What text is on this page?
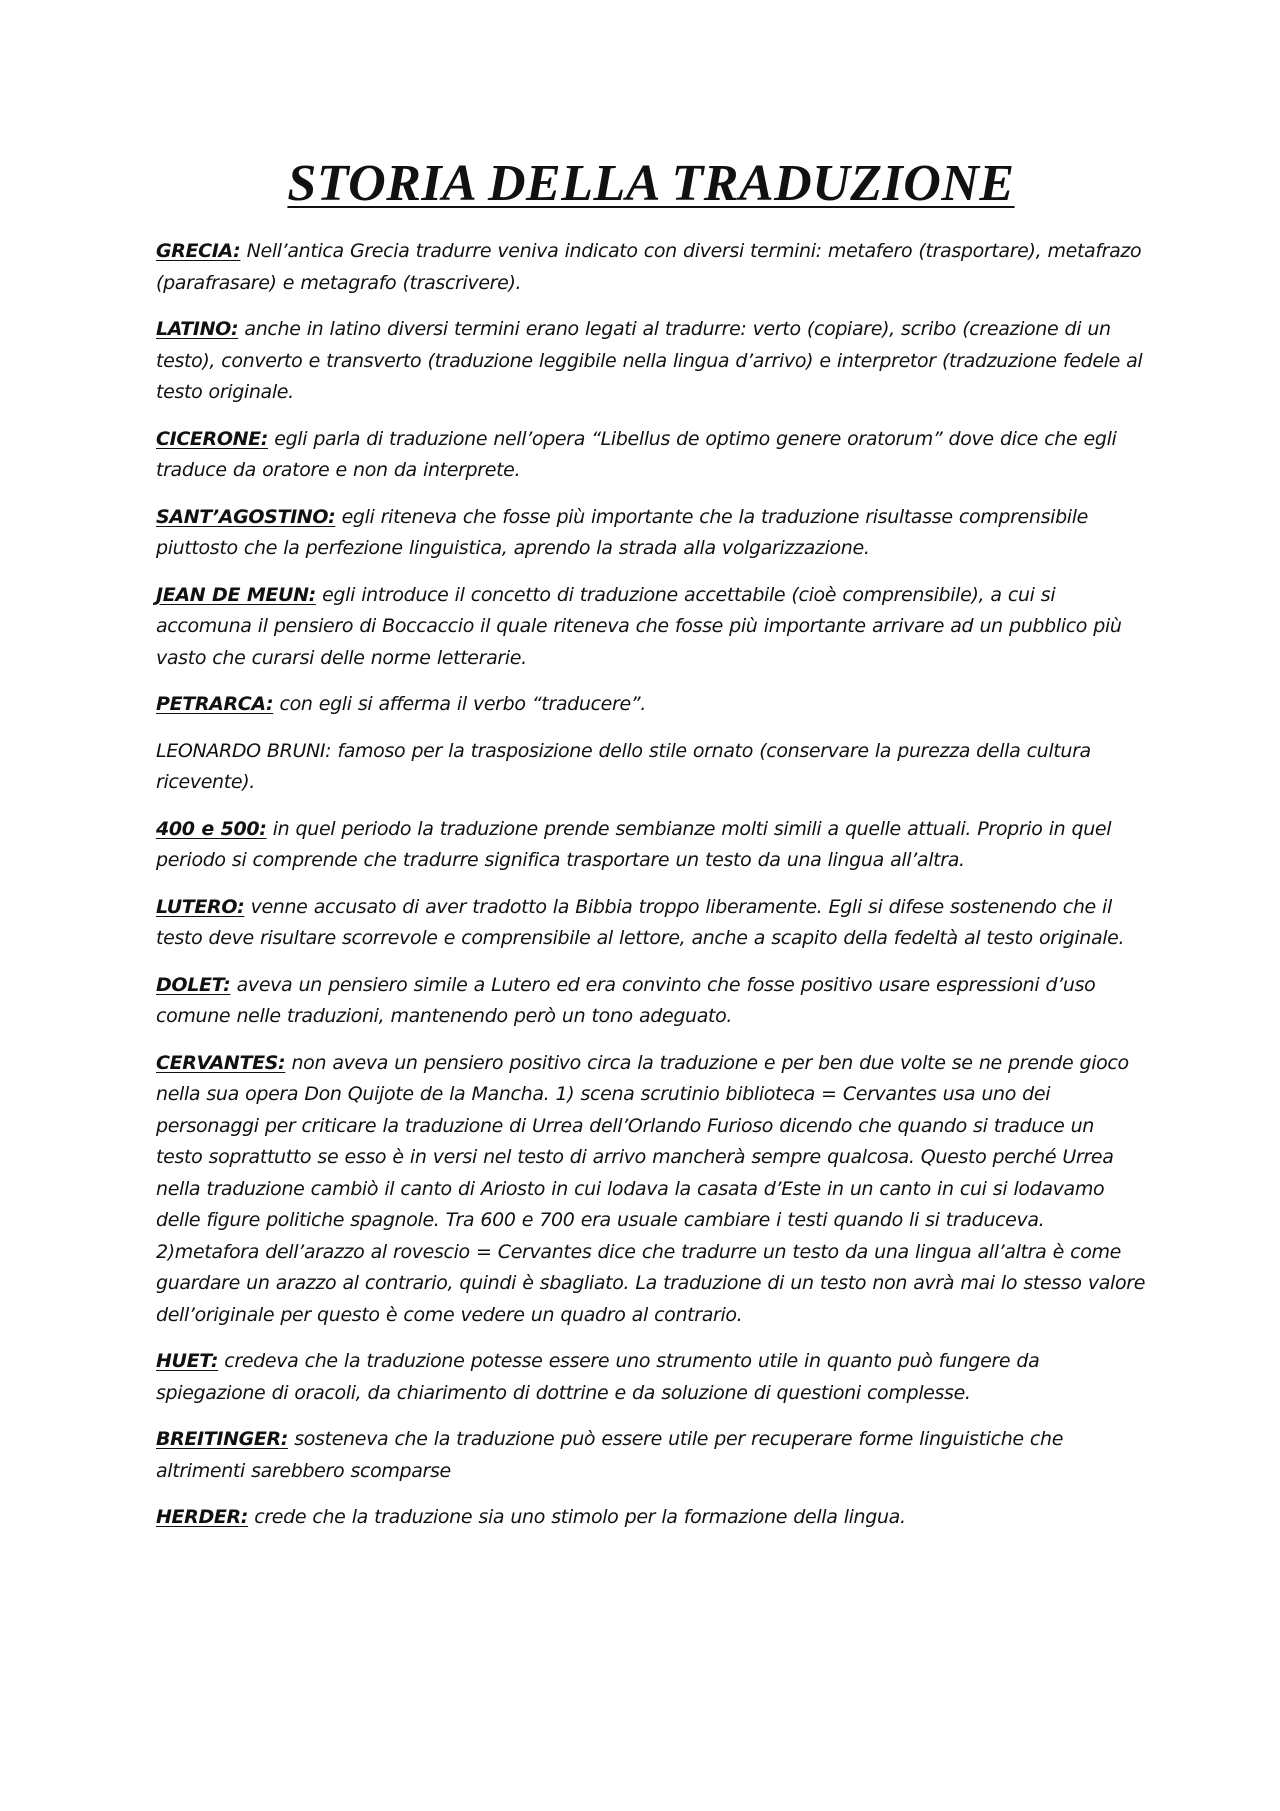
STORIA DELLA TRADUZIONE

GRECIA: Nell’antica Grecia tradurre veniva indicato con diversi termini: metafero (trasportare), metafrazo (parafrasare) e metagrafo (trascrivere).

LATINO: anche in latino diversi termini erano legati al tradurre: verto (copiare), scribo (creazione di un testo), converto e transverto (traduzione leggibile nella lingua d’arrivo) e interpretor (tradzuzione fedele al testo originale.

CICERONE: egli parla di traduzione nell’opera “Libellus de optimo genere oratorum” dove dice che egli traduce da oratore e non da interprete.

SANT’AGOSTINO: egli riteneva che fosse più importante che la traduzione risultasse comprensibile piuttosto che la perfezione linguistica, aprendo la strada alla volgarizzazione.

JEAN DE MEUN: egli introduce il concetto di traduzione accettabile (cioè comprensibile), a cui si accomuna il pensiero di Boccaccio il quale riteneva che fosse più importante arrivare ad un pubblico più vasto che curarsi delle norme letterarie.

PETRARCA: con egli si afferma il verbo “traducere”.

LEONARDO BRUNI: famoso per la trasposizione dello stile ornato (conservare la purezza della cultura ricevente).

400 e 500: in quel periodo la traduzione prende sembianze molti simili a quelle attuali. Proprio in quel periodo si comprende che tradurre significa trasportare un testo da una lingua all’altra.

LUTERO: venne accusato di aver tradotto la Bibbia troppo liberamente. Egli si difese sostenendo che il testo deve risultare scorrevole e comprensibile al lettore, anche a scapito della fedeltà al testo originale.

DOLET: aveva un pensiero simile a Lutero ed era convinto che fosse positivo usare espressioni d’uso comune nelle traduzioni, mantenendo però un tono adeguato.

CERVANTES: non aveva un pensiero positivo circa la traduzione e per ben due volte se ne prende gioco nella sua opera Don Quijote de la Mancha. 1) scena scrutinio biblioteca = Cervantes usa uno dei personaggi per criticare la traduzione di Urrea dell’Orlando Furioso dicendo che quando si traduce un testo soprattutto se esso è in versi nel testo di arrivo mancherà sempre qualcosa. Questo perché Urrea nella traduzione cambiò il canto di Ariosto in cui lodava la casata d’Este in un canto in cui si lodavamo delle figure politiche spagnole. Tra 600 e 700 era usuale cambiare i testi quando li si traduceva. 2)metafora dell’arazzo al rovescio = Cervantes dice che tradurre un testo da una lingua all’altra è come guardare un arazzo al contrario, quindi è sbagliato. La traduzione di un testo non avrà mai lo stesso valore dell’originale per questo è come vedere un quadro al contrario.

HUET: credeva che la traduzione potesse essere uno strumento utile in quanto può fungere da spiegazione di oracoli, da chiarimento di dottrine e da soluzione di questioni complesse.

BREITINGER: sosteneva che la traduzione può essere utile per recuperare forme linguistiche che altrimenti sarebbero scomparse

HERDER: crede che la traduzione sia uno stimolo per la formazione della lingua.
